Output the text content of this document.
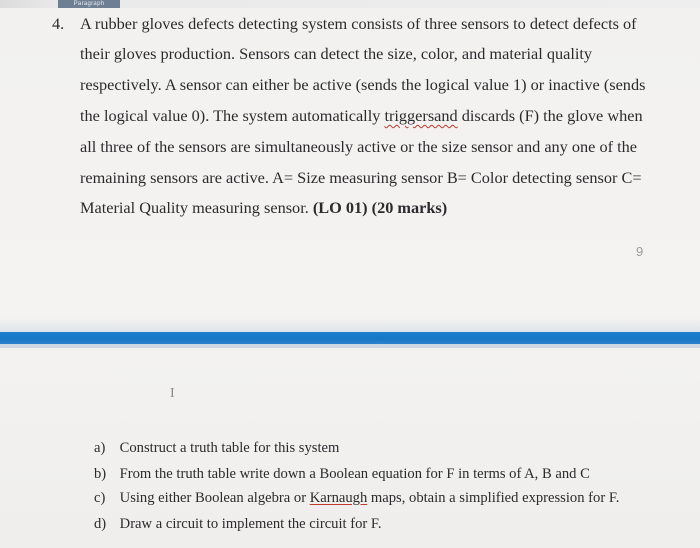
Paragraph
4. A rubber gloves defects detecting system consists of three sensors to detect defects of
their gloves production. Sensors can detect the size, color, and material quality
respectively. A sensor can either be active (sends the logical value 1) or inactive (sends
the logical value 0). The system automatically triggersand discards (F) the glove when
all three of the sensors are simultaneously active or the size sensor and any one of the
remaining sensors are active. A= Size measuring sensor B= Color detecting sensor C=
Material Quality measuring sensor. (LO 01) (20 marks)
9
I
a) Construct a truth table for this system
b) From the truth table write down a Boolean equation for F in terms of A, B and C
c) Using either Boolean algebra or Karnaugh maps, obtain a simplified expression for F.
d) Draw a circuit to implement the circuit for F.
